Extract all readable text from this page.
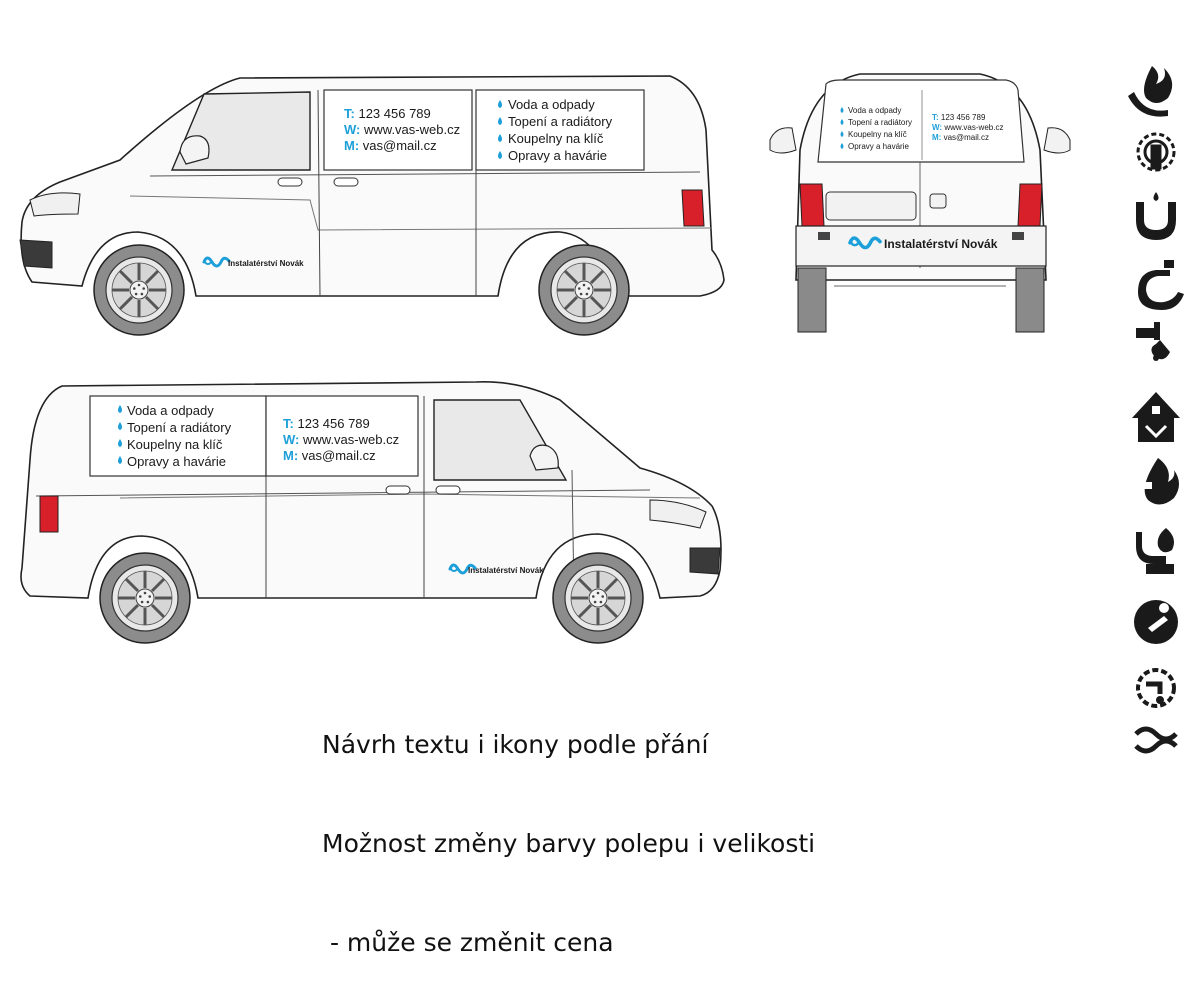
Instalatérství Novák
T: 123 456 789
W: www.vas-web.cz
M: vas@mail.cz
Voda a odpady
Topení a radiátory
Koupelny na klíč
Opravy a havárie
T: 123 456 789
W: www.vas-web.cz
M: vas@mail.cz
Voda a odpady
Topení a radiátory
Koupelny na klíč
Opravy a havárie
Instalatérství Novák
Voda a odpady
Topení a radiátory
Koupelny na klíč
Opravy a havárie
T: 123 456 789
W: www.vas-web.cz
M: vas@mail.cz
Instalatérství Novák

Návrh textu i ikony podle přání

Možnost změny barvy polepu i velikosti

- může se změnit cena
